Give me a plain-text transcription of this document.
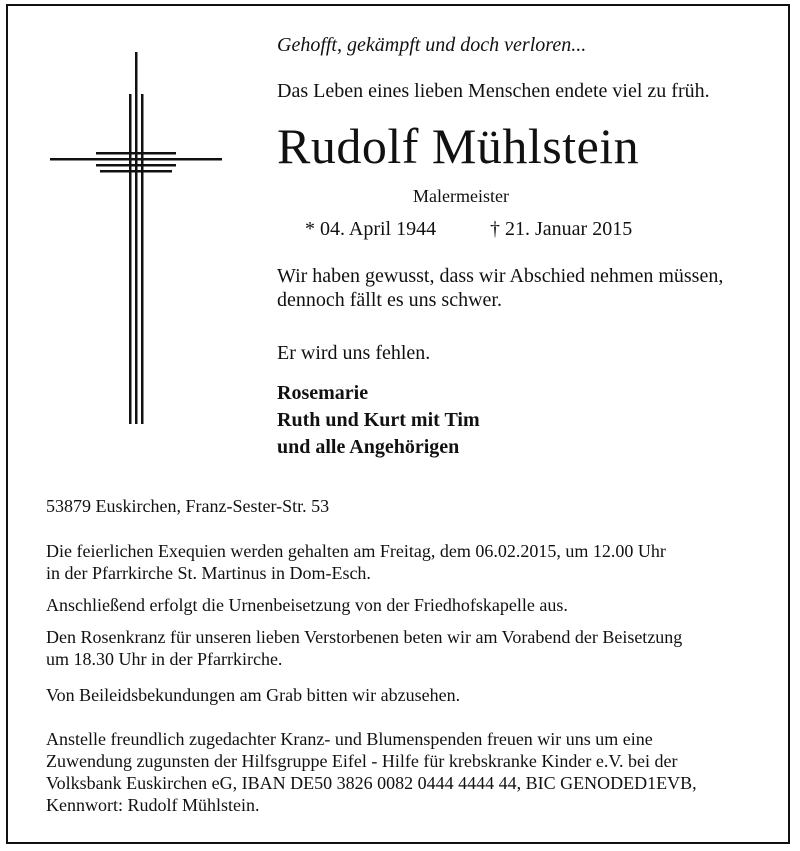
Gehofft, gekämpft und doch verloren...
Das Leben eines lieben Menschen endete viel zu früh.
Rudolf Mühlstein
Malermeister
* 04. April 1944	† 21. Januar 2015
Wir haben gewusst, dass wir Abschied nehmen müssen,
dennoch fällt es uns schwer.
Er wird uns fehlen.
Rosemarie
Ruth und Kurt mit Tim
und alle Angehörigen
53879 Euskirchen, Franz-Sester-Str. 53
Die feierlichen Exequien werden gehalten am Freitag, dem 06.02.2015, um 12.00 Uhr
in der Pfarrkirche St. Martinus in Dom-Esch.
Anschließend erfolgt die Urnenbeisetzung von der Friedhofskapelle aus.
Den Rosenkranz für unseren lieben Verstorbenen beten wir am Vorabend der Beisetzung
um 18.30 Uhr in der Pfarrkirche.
Von Beileidsbekundungen am Grab bitten wir abzusehen.
Anstelle freundlich zugedachter Kranz- und Blumenspenden freuen wir uns um eine
Zuwendung zugunsten der Hilfsgruppe Eifel - Hilfe für krebskranke Kinder e.V. bei der
Volksbank Euskirchen eG, IBAN DE50 3826 0082 0444 4444 44, BIC GENODED1EVB,
Kennwort: Rudolf Mühlstein.
